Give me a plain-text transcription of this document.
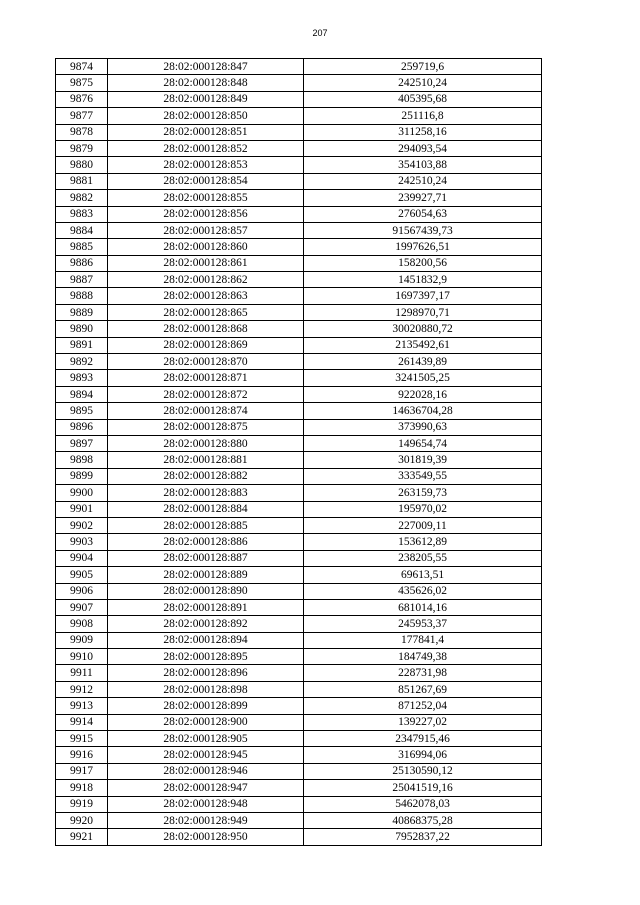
207
9874	28:02:000128:847	259719,6
9875	28:02:000128:848	242510,24
9876	28:02:000128:849	405395,68
9877	28:02:000128:850	251116,8
9878	28:02:000128:851	311258,16
9879	28:02:000128:852	294093,54
9880	28:02:000128:853	354103,88
9881	28:02:000128:854	242510,24
9882	28:02:000128:855	239927,71
9883	28:02:000128:856	276054,63
9884	28:02:000128:857	91567439,73
9885	28:02:000128:860	1997626,51
9886	28:02:000128:861	158200,56
9887	28:02:000128:862	1451832,9
9888	28:02:000128:863	1697397,17
9889	28:02:000128:865	1298970,71
9890	28:02:000128:868	30020880,72
9891	28:02:000128:869	2135492,61
9892	28:02:000128:870	261439,89
9893	28:02:000128:871	3241505,25
9894	28:02:000128:872	922028,16
9895	28:02:000128:874	14636704,28
9896	28:02:000128:875	373990,63
9897	28:02:000128:880	149654,74
9898	28:02:000128:881	301819,39
9899	28:02:000128:882	333549,55
9900	28:02:000128:883	263159,73
9901	28:02:000128:884	195970,02
9902	28:02:000128:885	227009,11
9903	28:02:000128:886	153612,89
9904	28:02:000128:887	238205,55
9905	28:02:000128:889	69613,51
9906	28:02:000128:890	435626,02
9907	28:02:000128:891	681014,16
9908	28:02:000128:892	245953,37
9909	28:02:000128:894	177841,4
9910	28:02:000128:895	184749,38
9911	28:02:000128:896	228731,98
9912	28:02:000128:898	851267,69
9913	28:02:000128:899	871252,04
9914	28:02:000128:900	139227,02
9915	28:02:000128:905	2347915,46
9916	28:02:000128:945	316994,06
9917	28:02:000128:946	25130590,12
9918	28:02:000128:947	25041519,16
9919	28:02:000128:948	5462078,03
9920	28:02:000128:949	40868375,28
9921	28:02:000128:950	7952837,22
